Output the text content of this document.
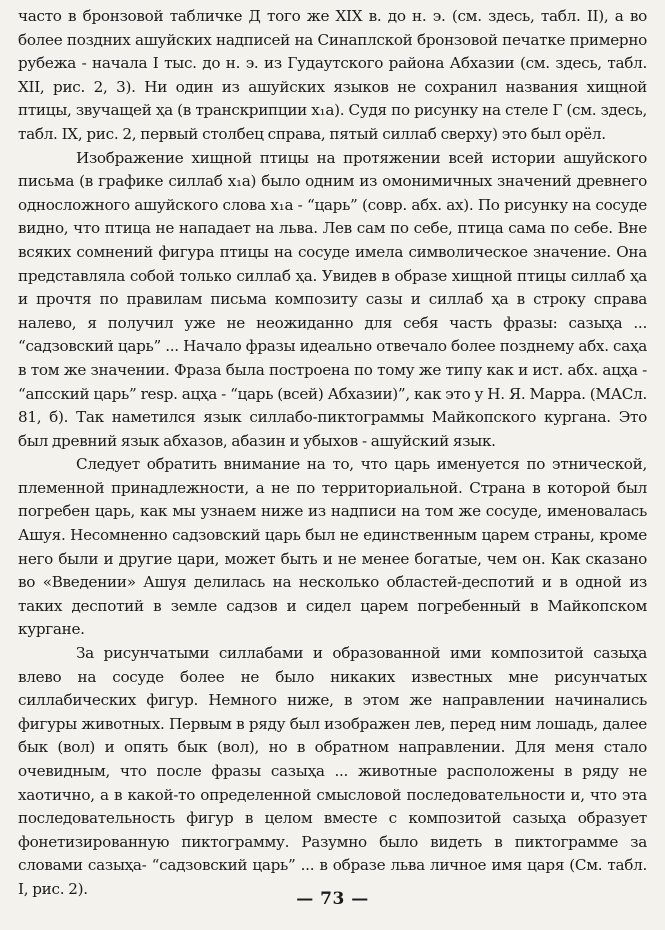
часто в бронзовой табличке Д того же XIX в. до н. э. (см. здесь, табл. II), а во более поздних ашуйских надписей на Синаплской бронзовой печатке примерно рубежа - начала I тыс. до н. э. из Гудаутского района Абхазии (см. здесь, табл. XII, рис. 2, 3). Ни один из ашуйских языков не сохранил названия хищной птицы, звучащей ҳа (в транскрипции х₁а). Судя по рисунку на стеле Г (см. здесь, табл. IX, рис. 2, первый столбец справа, пятый силлаб сверху) это был орёл.

Изображение хищной птицы на протяжении всей истории ашуйского письма (в графике силлаб х₁а) было одним из омонимичных значений древнего односложного ашуйского слова х₁а - “царь” (совр. абх. ах). По рисунку на сосуде видно, что птица не нападает на льва. Лев сам по себе, птица сама по себе. Вне всяких сомнений фигура птицы на сосуде имела символическое значение. Она представляла собой только силлаб ҳа. Увидев в образе хищной птицы силлаб ҳа и прочтя по правилам письма композиту сазы и силлаб ҳа в строку справа налево, я получил уже не неожиданно для себя часть фразы: сазыҳа ... “садзовский царь” ... Начало фразы идеально отвечало более позднему абх. саҳа в том же значении. Фраза была построена по тому же типу как и ист. абх. ацҳа - “апсский царь” resp. ацҳа - “царь (всей) Абхазии)”, как это у Н. Я. Марра. (МАСл. 81, б). Так наметился язык силлабо-пиктограммы Майкопского кургана. Это был древний язык абхазов, абазин и убыхов - ашуйский язык.

Следует обратить внимание на то, что царь именуется по этнической, племенной принадлежности, а не по территориальной. Страна в которой был погребен царь, как мы узнаем ниже из надписи на том же сосуде, именовалась Ашуя. Несомненно садзовский царь был не единственным царем страны, кроме него были и другие цари, может быть и не менее богатые, чем он. Как сказано во «Введении» Ашуя делилась на несколько областей-деспотий и в одной из таких деспотий в земле садзов и сидел царем погребенный в Майкопском кургане.

За рисунчатыми силлабами и образованной ими композитой сазыҳа влево на сосуде более не было никаких известных мне рисунчатых силлабических фигур. Немного ниже, в этом же направлении начинались фигуры животных. Первым в ряду был изображен лев, перед ним лошадь, далее бык (вол) и опять бык (вол), но в обратном направлении. Для меня стало очевидным, что после фразы сазыҳа ... животные расположены в ряду не хаотично, а в какой-то определенной смысловой последовательности и, что эта последовательность фигур в целом вместе с композитой сазыҳа образует фонетизированную пиктограмму. Разумно было видеть в пиктограмме за словами сазыҳа- “садзовский царь” ... в образе льва личное имя царя (См. табл. I, рис. 2).

— 73 —
